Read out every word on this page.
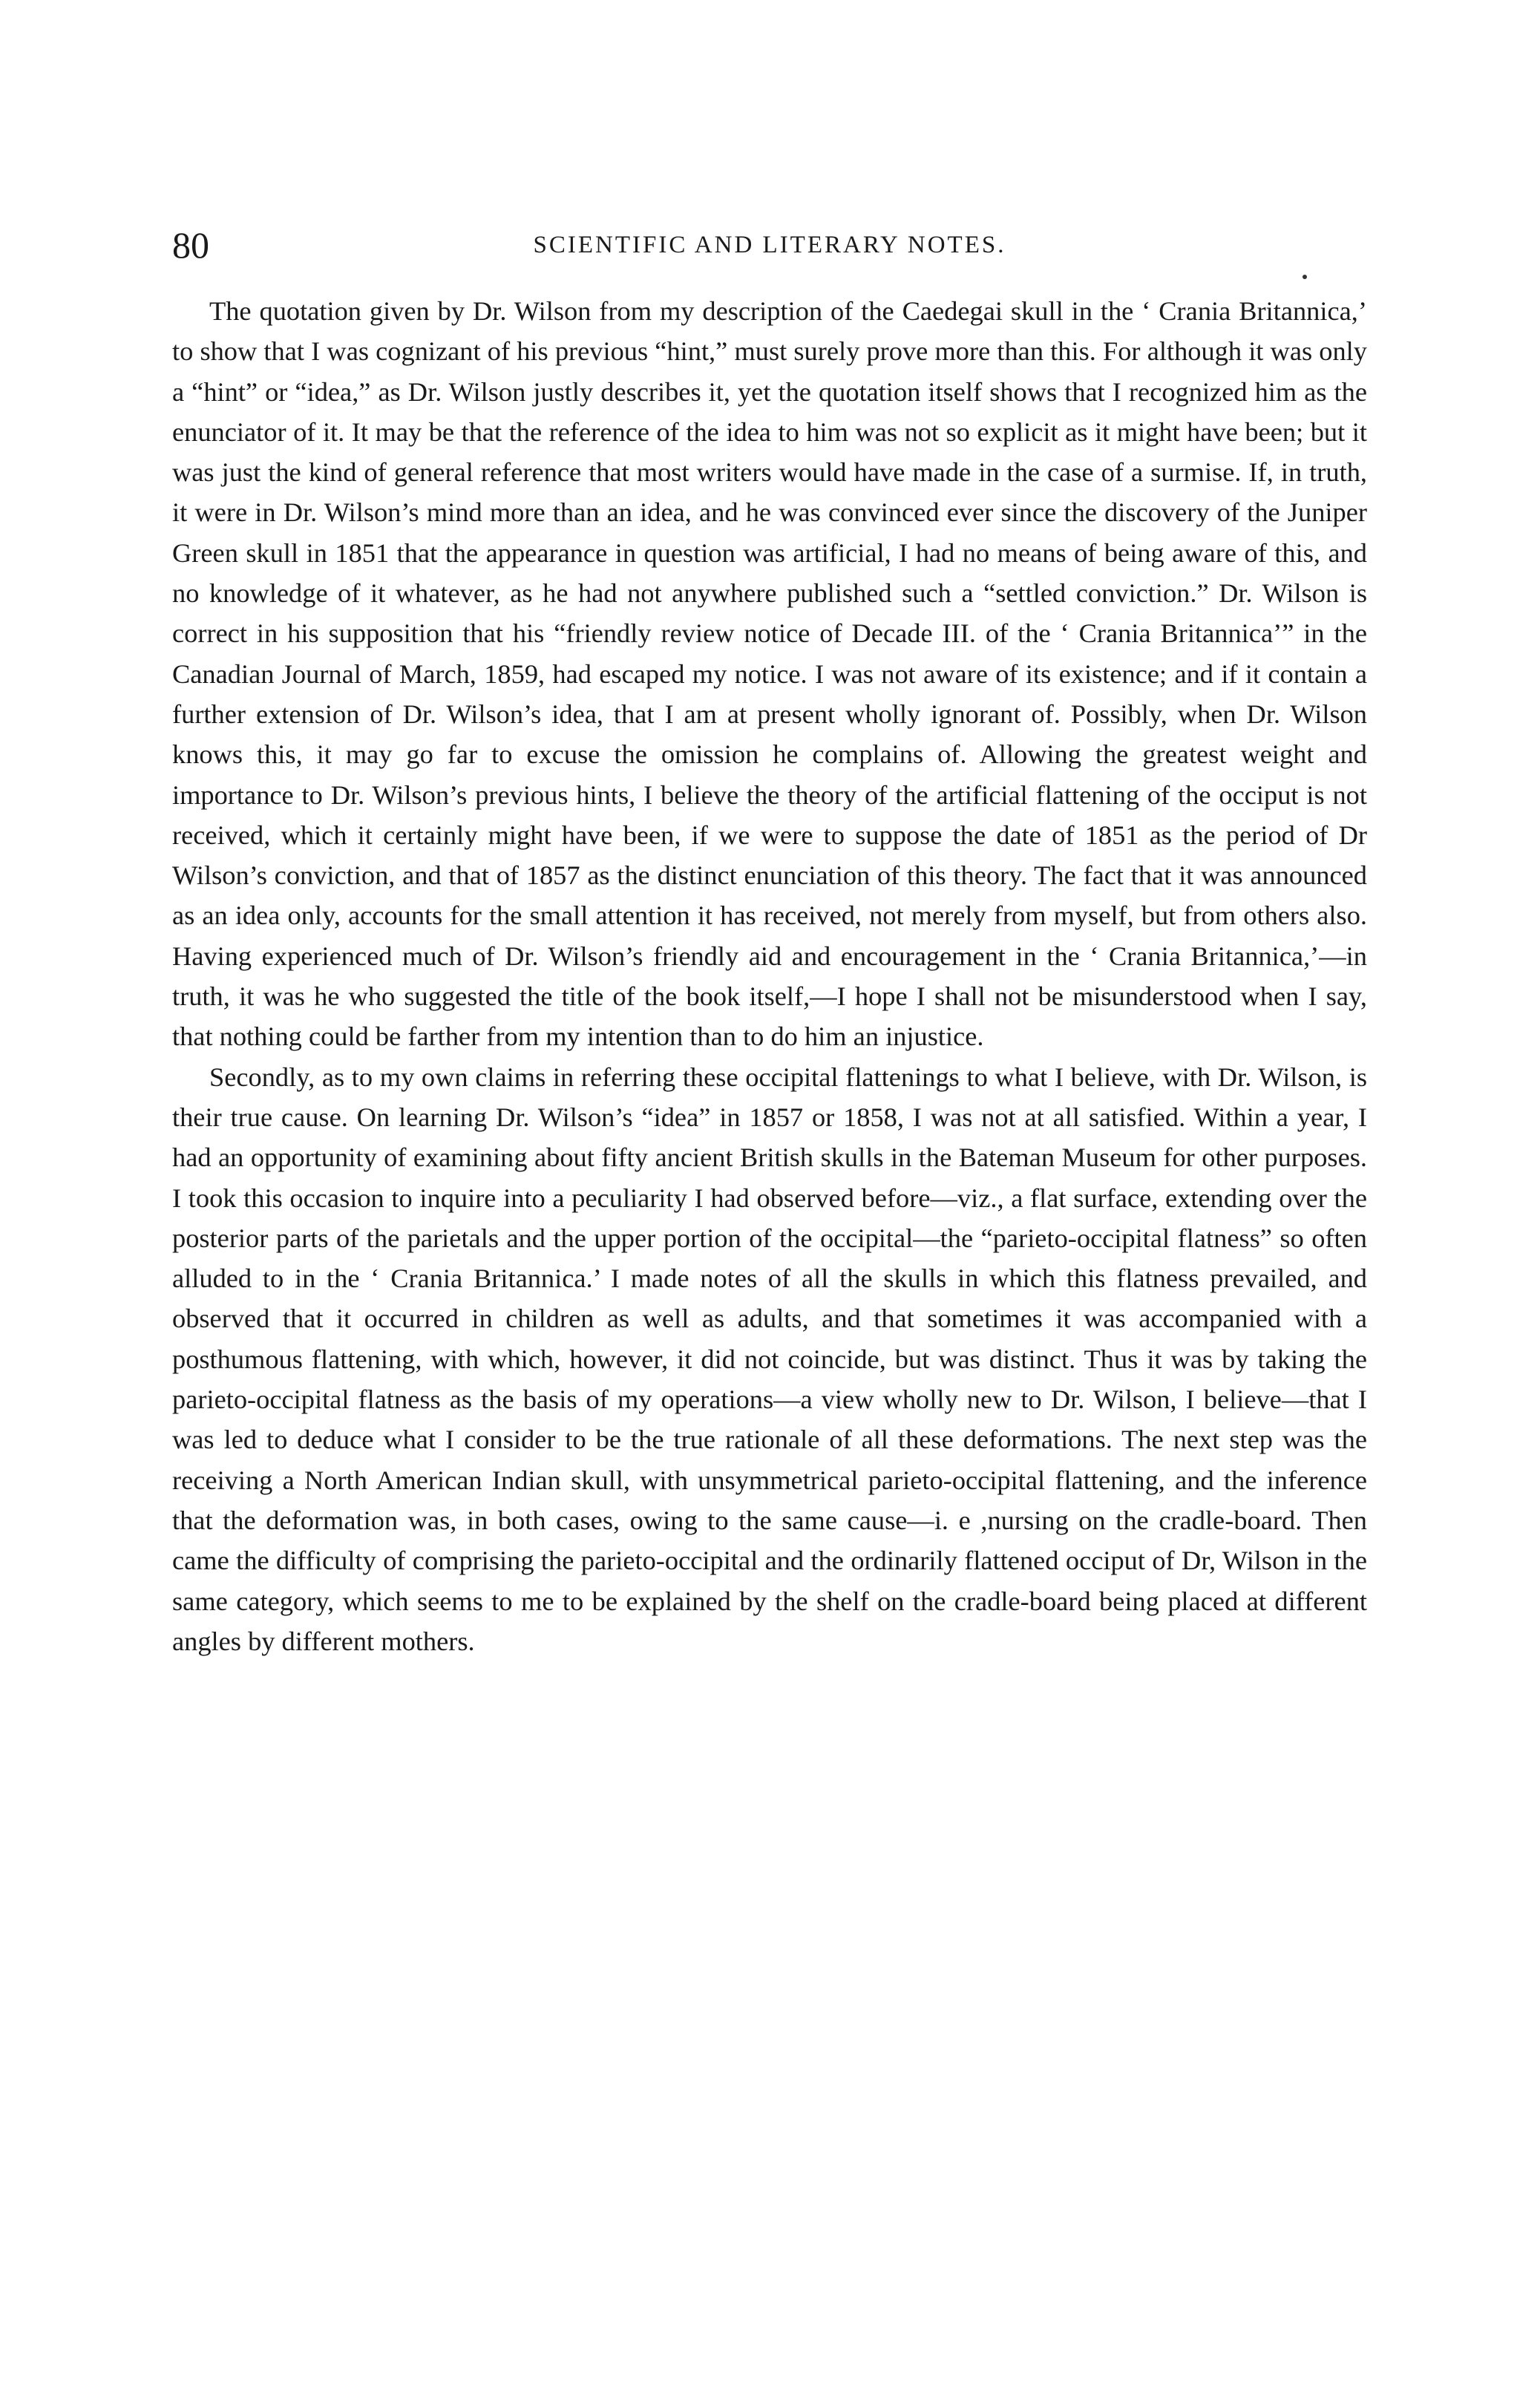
80	SCIENTIFIC AND LITERARY NOTES.

The quotation given by Dr. Wilson from my description of the Caedegai skull in the ‘ Crania Britannica,’ to show that I was cognizant of his previous “hint,” must surely prove more than this. For although it was only a “hint” or “idea,” as Dr. Wilson justly describes it, yet the quotation itself shows that I recognized him as the enunciator of it. It may be that the reference of the idea to him was not so explicit as it might have been; but it was just the kind of general reference that most writers would have made in the case of a surmise. If, in truth, it were in Dr. Wilson’s mind more than an idea, and he was convinced ever since the discovery of the Juniper Green skull in 1851 that the appearance in question was artificial, I had no means of being aware of this, and no knowledge of it whatever, as he had not anywhere published such a “settled conviction.” Dr. Wilson is correct in his supposition that his “friendly review notice of Decade III. of the ‘ Crania Britannica’” in the Canadian Journal of March, 1859, had escaped my notice. I was not aware of its existence; and if it contain a further extension of Dr. Wilson’s idea, that I am at present wholly ignorant of. Possibly, when Dr. Wilson knows this, it may go far to excuse the omission he complains of. Allowing the greatest weight and importance to Dr. Wilson’s previous hints, I believe the theory of the artificial flattening of the occiput is not received, which it certainly might have been, if we were to suppose the date of 1851 as the period of Dr Wilson’s conviction, and that of 1857 as the distinct enunciation of this theory. The fact that it was announced as an idea only, accounts for the small attention it has received, not merely from myself, but from others also. Having experienced much of Dr. Wilson’s friendly aid and encouragement in the ‘ Crania Britannica,’—in truth, it was he who suggested the title of the book itself,—I hope I shall not be misunderstood when I say, that nothing could be farther from my intention than to do him an injustice.

Secondly, as to my own claims in referring these occipital flattenings to what I believe, with Dr. Wilson, is their true cause. On learning Dr. Wilson’s “idea” in 1857 or 1858, I was not at all satisfied. Within a year, I had an opportunity of examining about fifty ancient British skulls in the Bateman Museum for other purposes. I took this occasion to inquire into a peculiarity I had observed before—viz., a flat surface, extending over the posterior parts of the parietals and the upper portion of the occipital—the “parieto-occipital flatness” so often alluded to in the ‘ Crania Britannica.’ I made notes of all the skulls in which this flatness prevailed, and observed that it occurred in children as well as adults, and that sometimes it was accompanied with a posthumous flattening, with which, however, it did not coincide, but was distinct. Thus it was by taking the parieto-occipital flatness as the basis of my operations—a view wholly new to Dr. Wilson, I believe—that I was led to deduce what I consider to be the true rationale of all these deformations. The next step was the receiving a North American Indian skull, with unsymmetrical parieto-occipital flattening, and the inference that the deformation was, in both cases, owing to the same cause—i. e ,nursing on the cradle-board. Then came the difficulty of comprising the parieto-occipital and the ordinarily flattened occiput of Dr, Wilson in the same category, which seems to me to be explained by the shelf on the cradle-board being placed at different angles by different mothers.
